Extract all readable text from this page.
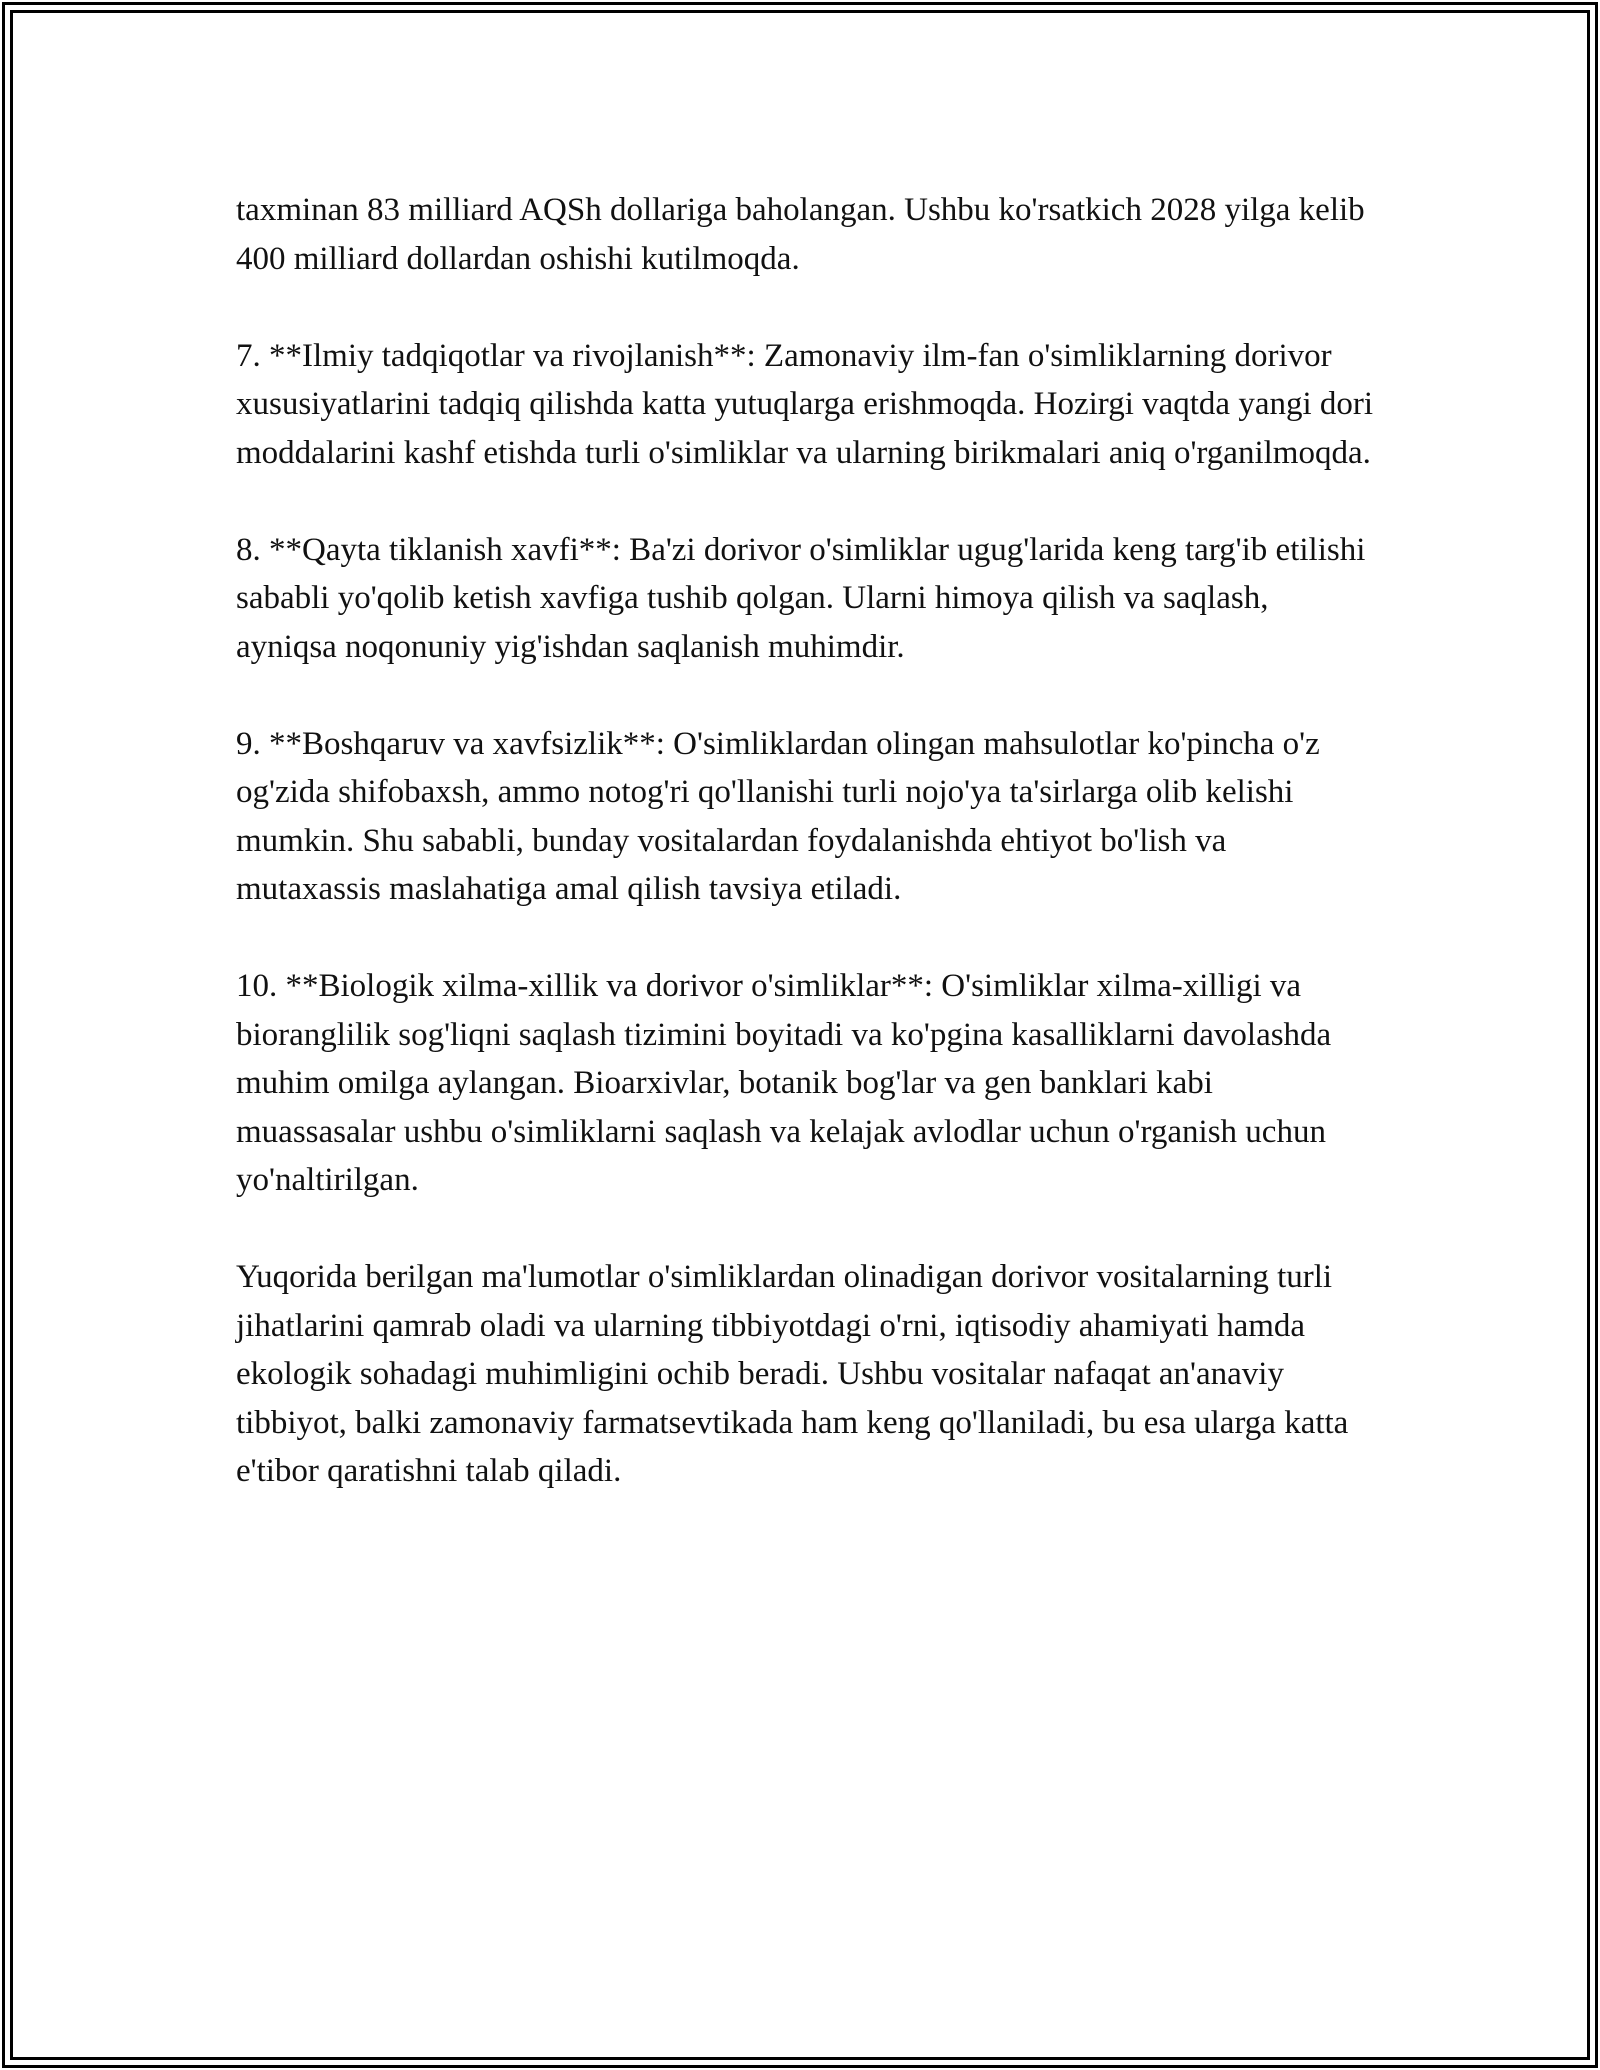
taxminan 83 milliard AQSh dollariga baholangan. Ushbu ko'rsatkich 2028 yilga kelib 400 milliard dollardan oshishi kutilmoqda.

7. **Ilmiy tadqiqotlar va rivojlanish**: Zamonaviy ilm-fan o'simliklarning dorivor xususiyatlarini tadqiq qilishda katta yutuqlarga erishmoqda. Hozirgi vaqtda yangi dori moddalarini kashf etishda turli o'simliklar va ularning birikmalari aniq o'rganilmoqda.

8. **Qayta tiklanish xavfi**: Ba'zi dorivor o'simliklar ugug'larida keng targ'ib etilishi sababli yo'qolib ketish xavfiga tushib qolgan. Ularni himoya qilish va saqlash, ayniqsa noqonuniy yig'ishdan saqlanish muhimdir.

9. **Boshqaruv va xavfsizlik**: O'simliklardan olingan mahsulotlar ko'pincha o'z og'zida shifobaxsh, ammo notog'ri qo'llanishi turli nojo'ya ta'sirlarga olib kelishi mumkin. Shu sababli, bunday vositalardan foydalanishda ehtiyot bo'lish va mutaxassis maslahatiga amal qilish tavsiya etiladi.

10. **Biologik xilma-xillik va dorivor o'simliklar**: O'simliklar xilma-xilligi va bioranglilik sog'liqni saqlash tizimini boyitadi va ko'pgina kasalliklarni davolashda muhim omilga aylangan. Bioarxivlar, botanik bog'lar va gen banklari kabi muassasalar ushbu o'simliklarni saqlash va kelajak avlodlar uchun o'rganish uchun yo'naltirilgan.

Yuqorida berilgan ma'lumotlar o'simliklardan olinadigan dorivor vositalarning turli jihatlarini qamrab oladi va ularning tibbiyotdagi o'rni, iqtisodiy ahamiyati hamda ekologik sohadagi muhimligini ochib beradi. Ushbu vositalar nafaqat an'anaviy tibbiyot, balki zamonaviy farmatsevtikada ham keng qo'llaniladi, bu esa ularga katta e'tibor qaratishni talab qiladi.
